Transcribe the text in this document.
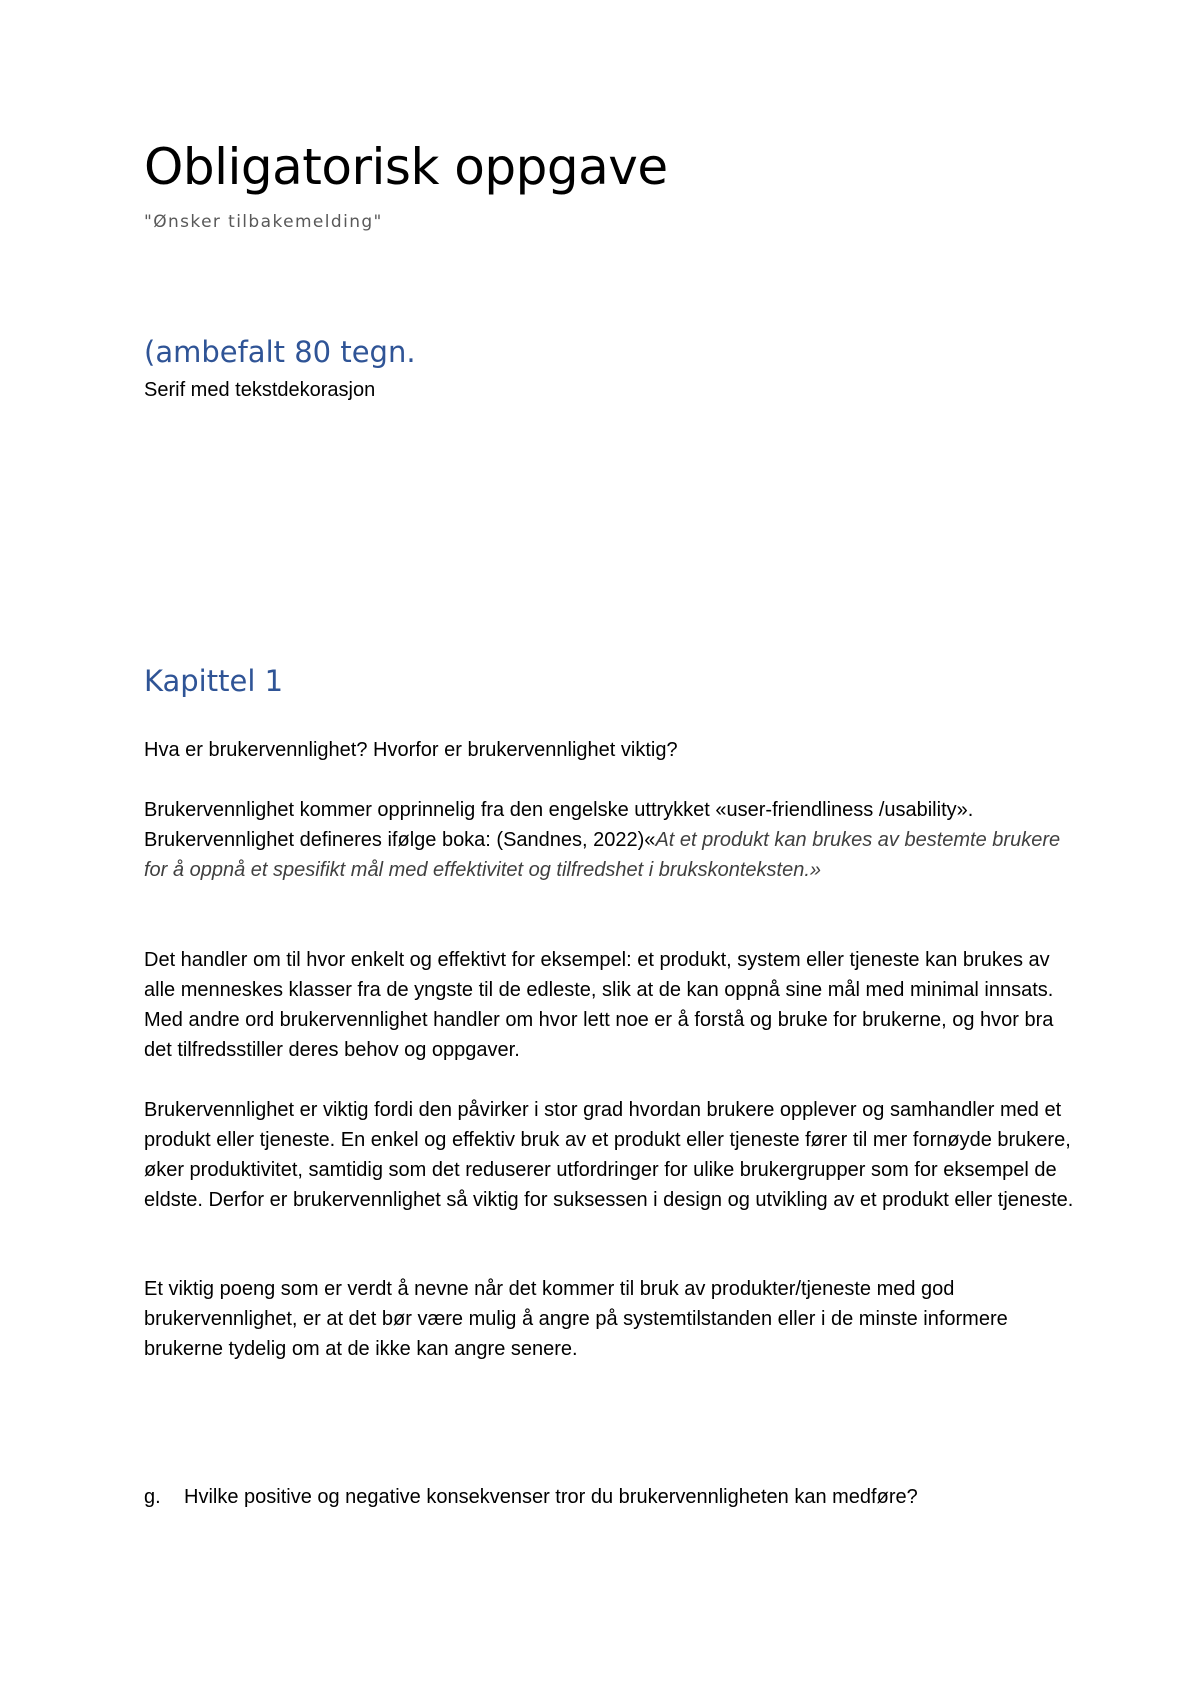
Obligatorisk oppgave
"Ønsker tilbakemelding"
(ambefalt 80 tegn.
Serif med tekstdekorasjon
Kapittel 1

Hva er brukervennlighet? Hvorfor er brukervennlighet viktig?

Brukervennlighet kommer opprinnelig fra den engelske uttrykket «user-friendliness /usability». Brukervennlighet defineres ifølge boka: (Sandnes, 2022)«At et produkt kan brukes av bestemte brukere for å oppnå et spesifikt mål med effektivitet og tilfredshet i brukskonteksten.»

Det handler om til hvor enkelt og effektivt for eksempel: et produkt, system eller tjeneste kan brukes av alle menneskes klasser fra de yngste til de edleste, slik at de kan oppnå sine mål med minimal innsats. Med andre ord brukervennlighet handler om hvor lett noe er å forstå og bruke for brukerne, og hvor bra det tilfredsstiller deres behov og oppgaver.

Brukervennlighet er viktig fordi den påvirker i stor grad hvordan brukere opplever og samhandler med et produkt eller tjeneste. En enkel og effektiv bruk av et produkt eller tjeneste fører til mer fornøyde brukere, øker produktivitet, samtidig som det reduserer utfordringer for ulike brukergrupper som for eksempel de eldste. Derfor er brukervennlighet så viktig for suksessen i design og utvikling av et produkt eller tjeneste.

Et viktig poeng som er verdt å nevne når det kommer til bruk av produkter/tjeneste med god brukervennlighet, er at det bør være mulig å angre på systemtilstanden eller i de minste informere brukerne tydelig om at de ikke kan angre senere.

g. Hvilke positive og negative konsekvenser tror du brukervennligheten kan medføre?
